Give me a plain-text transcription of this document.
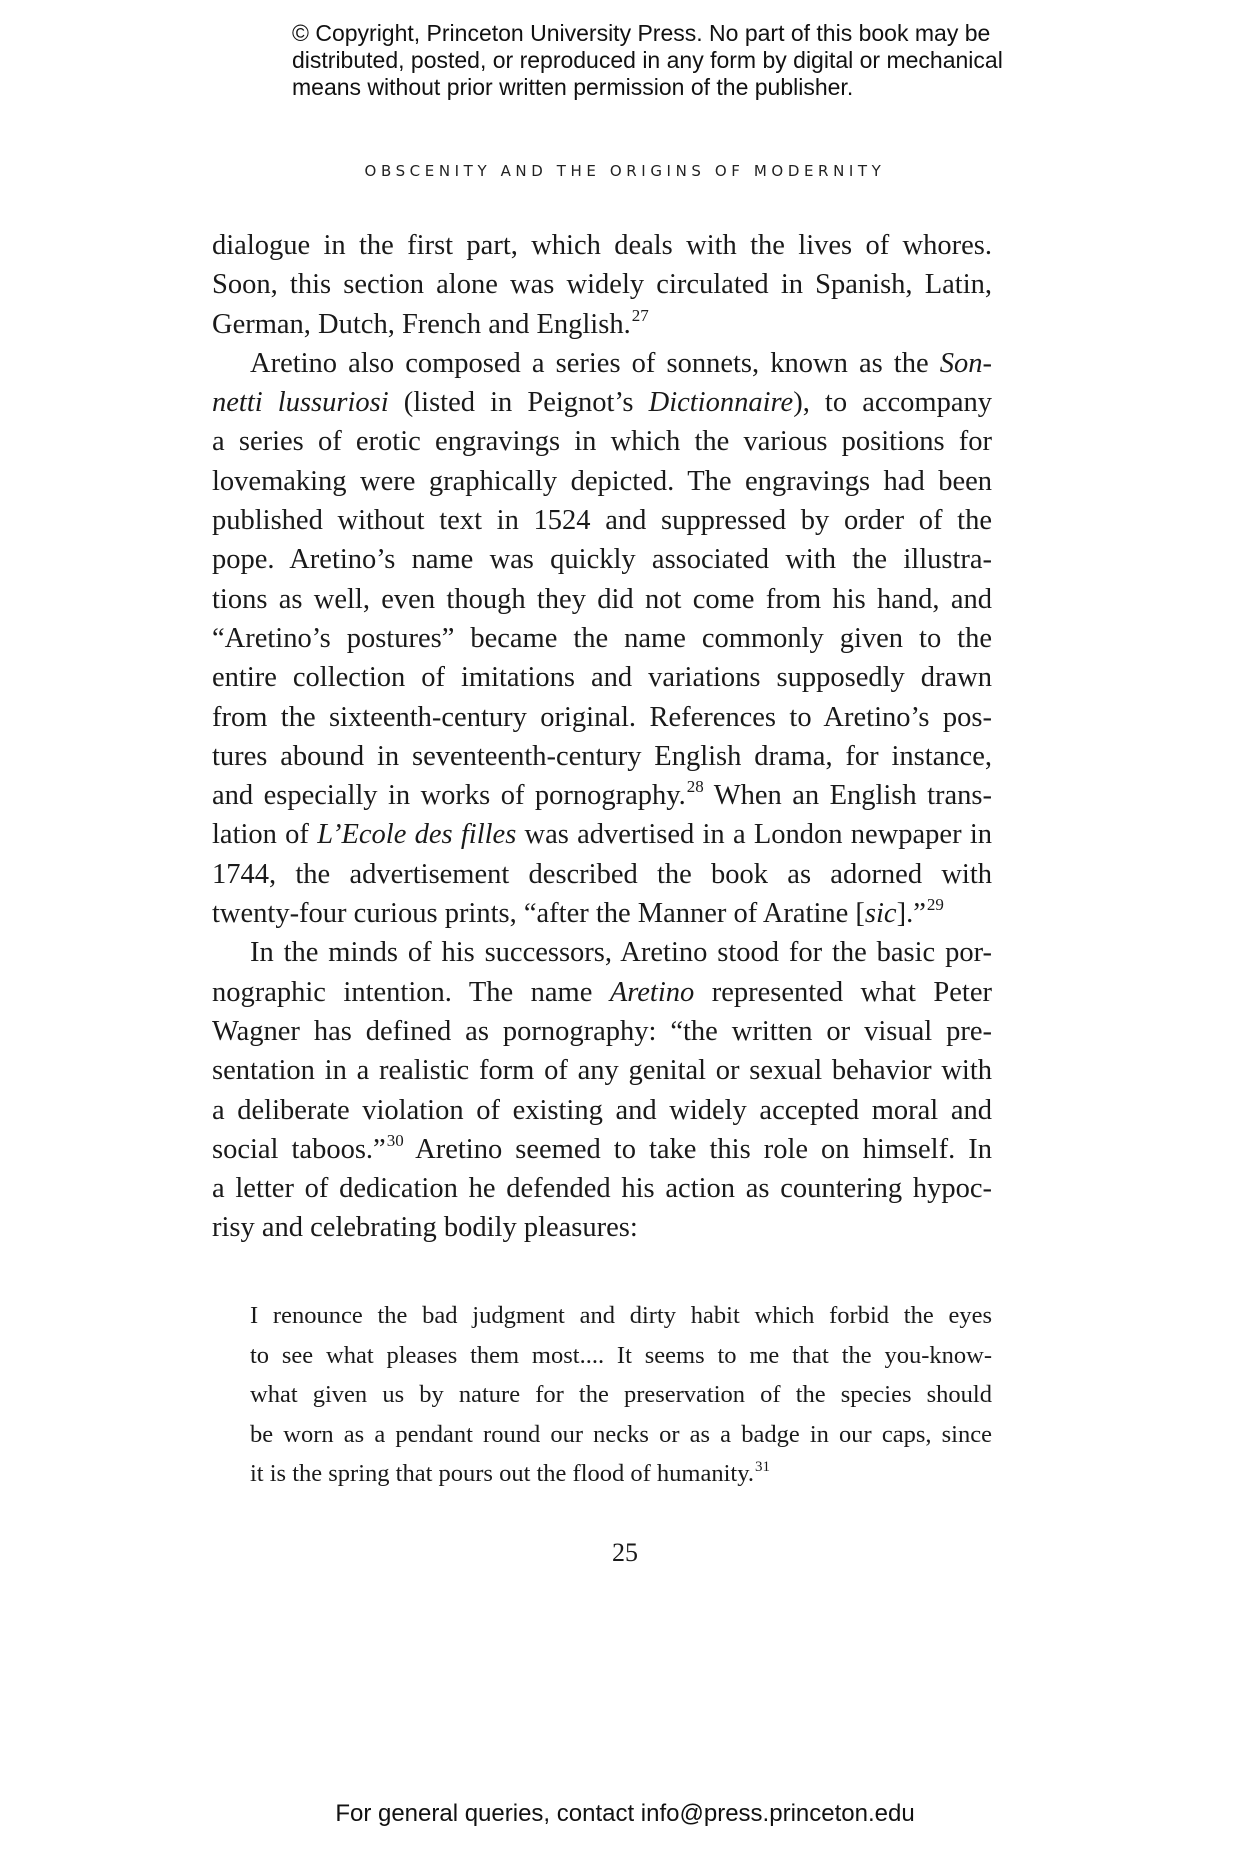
© Copyright, Princeton University Press. No part of this book may be
distributed, posted, or reproduced in any form by digital or mechanical
means without prior written permission of the publisher.
OBSCENITY AND THE ORIGINS OF MODERNITY
dialogue in the first part, which deals with the lives of whores.
Soon, this section alone was widely circulated in Spanish, Latin,
German, Dutch, French and English.$^{27}$
Aretino also composed a series of sonnets, known as the Son-
netti lussuriosi (listed in Peignot’s Dictionnaire), to accompany
a series of erotic engravings in which the various positions for
lovemaking were graphically depicted. The engravings had been
published without text in 1524 and suppressed by order of the
pope. Aretino’s name was quickly associated with the illustra-
tions as well, even though they did not come from his hand, and
“Aretino’s postures” became the name commonly given to the
entire collection of imitations and variations supposedly drawn
from the sixteenth-century original. References to Aretino’s pos-
tures abound in seventeenth-century English drama, for instance,
and especially in works of pornography.$^{28}$ When an English trans-
lation of L’Ecole des filles was advertised in a London newpaper in
1744, the advertisement described the book as adorned with
twenty-four curious prints, “after the Manner of Aratine [sic].”$^{29}$
In the minds of his successors, Aretino stood for the basic por-
nographic intention. The name Aretino represented what Peter
Wagner has defined as pornography: “the written or visual pre-
sentation in a realistic form of any genital or sexual behavior with
a deliberate violation of existing and widely accepted moral and
social taboos.”$^{30}$ Aretino seemed to take this role on himself. In
a letter of dedication he defended his action as countering hypoc-
risy and celebrating bodily pleasures:
I renounce the bad judgment and dirty habit which forbid the eyes
to see what pleases them most.... It seems to me that the you-know-
what given us by nature for the preservation of the species should
be worn as a pendant round our necks or as a badge in our caps, since
it is the spring that pours out the flood of humanity.$^{31}$
25
For general queries, contact info@press.princeton.edu
